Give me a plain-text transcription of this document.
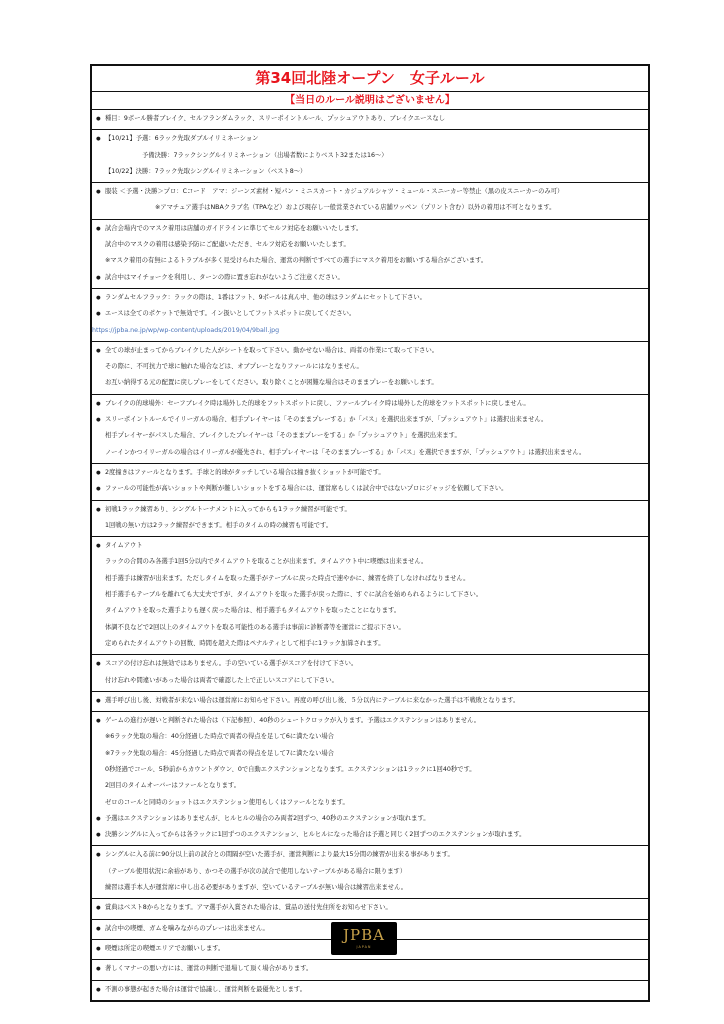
第34回北陸オープン　女子ルール
【当日のルール説明はございません】
● 種目：9ボール勝者ブレイク、セルフランダムラック、スリーポイントルール、プッシュアウトあり、ブレイクエースなし
● 【10/21】予選：6ラック先取ダブルイリミネーション
予備決勝：7ラックシングルイリミネーション（出場者数によりベスト32または16～）
【10/22】決勝：7ラック先取シングルイリミネーション（ベスト8～）
● 服装 ＜予選・決勝＞プロ：Cコード　アマ：ジーンズ素材・短パン・ミニスカート・カジュアルシャツ・ミュール・スニーカー等禁止（黒の皮スニーカーのみ可）
※アマチュア選手はNBAクラブ名（TPAなど）および現存し一般営業されている店舗ワッペン（プリント含む）以外の着用は不可となります。
● 試合会場内でのマスク着用は店舗のガイドラインに準じてセルフ対応をお願いいたします。
試合中のマスクの着用は感染予防にご配慮いただき、セルフ対応をお願いいたします。
※マスク着用の有無によるトラブルが多く見受けられた場合、運営の判断ですべての選手にマスク着用をお願いする場合がございます。
● 試合中はマイチョークを利用し、ターンの際に置き忘れがないようご注意ください。
● ランダムセルフラック：ラックの際は、1番はフット、9ボールは真ん中、他の球はランダムにセットして下さい。
● エースは全てのポケットで無効です。イン扱いとしてフットスポットに戻してください。
https://jpba.ne.jp/wp/wp-content/uploads/2019/04/9ball.jpg
● 全ての球が止まってからブレイクした人がシートを取って下さい。動かせない場合は、両者の作業にて取って下さい。
その際に、不可抗力で球に触れた場合などは、オブプレーとなりファールにはなりません。
お互い納得する元の配置に戻しプレーをしてください。取り除くことが困難な場合はそのままプレーをお願いします。
● ブレイクの的球場外：セーフブレイク時は場外した的球をフットスポットに戻し、ファールブレイク時は場外した的球をフットスポットに戻しません。
● スリーポイントルールでイリーガルの場合、相手プレイヤーは「そのままプレーする」か「パス」を選択出来ますが、「プッシュアウト」は選択出来ません。
相手プレイヤーがパスした場合、ブレイクしたプレイヤーは「そのままプレーをする」か「プッシュアウト」を選択出来ます。
ノーインかつイリーガルの場合はイリーガルが優先され、相手プレイヤーは「そのままプレーする」か「パス」を選択できますが、「プッシュアウト」は選択出来ません。
● 2度撞きはファールとなります。手球と的球がタッチしている場合は撞き抜くショットが可能です。
● ファールの可能性が高いショットや判断が難しいショットをする場合には、運営席もしくは試合中ではないプロにジャッジを依頼して下さい。
● 初戦1ラック練習あり、シングルトーナメントに入ってからも1ラック練習が可能です。
1回戦の無い方は2ラック練習ができます。相手のタイムの時の練習も可能です。
● タイムアウト
ラックの合間のみ各選手1回5分以内でタイムアウトを取ることが出来ます。タイムアウト中に喫煙は出来ません。
相手選手は練習が出来ます。ただしタイムを取った選手がテーブルに戻った時点で速やかに、練習を終了しなければなりません。
相手選手もテーブルを離れても大丈夫ですが、タイムアウトを取った選手が戻った際に、すぐに試合を始められるようにして下さい。
タイムアウトを取った選手よりも遅く戻った場合は、相手選手もタイムアウトを取ったことになります。
体調不良などで2回以上のタイムアウトを取る可能性のある選手は事前に診断書等を運営にご提示下さい。
定められたタイムアウトの回数、時間を超えた際はペナルティとして相手に1ラック加算されます。
● スコアの付け忘れは無効ではありません。手の空いている選手がスコアを付けて下さい。
付け忘れや間違いがあった場合は両者で確認した上で正しいスコアにして下さい。
● 選手呼び出し後、対戦者が来ない場合は運営席にお知らせ下さい。再度の呼び出し後、５分以内にテーブルに来なかった選手は不戦敗となります。
● ゲームの進行が遅いと判断された場合は（下記参照）、40秒のシュートクロックが入ります。予選はエクステンションはありません。
※6ラック先取の場合：40分経過した時点で両者の得点を足して6に満たない場合
※7ラック先取の場合：45分経過した時点で両者の得点を足して7に満たない場合
0秒経過でコール、5秒前からカウントダウン、0で自動エクステンションとなります。エクステンションは1ラックに1回40秒です。
2回目のタイムオーバーはファールとなります。
ゼロのコールと同時のショットはエクステンション使用もしくはファールとなります。
● 予選はエクステンションはありませんが、ヒルヒルの場合のみ両者2回ずつ、40秒のエクステンションが取れます。
● 決勝シングルに入ってからは各ラックに1回ずつのエクステンション、ヒルヒルになった場合は予選と同じく2回ずつのエクステンションが取れます。
● シングルに入る前に90分以上前の試合との間隔が空いた選手が、運営判断により最大15分間の練習が出来る事があります。
（テーブル使用状況に余裕があり、かつその選手が次の試合で使用しないテーブルがある場合に限ります）
練習は選手本人が運営席に申し出る必要がありますが、空いているテーブルが無い場合は練習出来ません。
● 賞典はベスト8からとなります。アマ選手が入賞された場合は、賞品の送付先住所をお知らせ下さい。
● 試合中の喫煙、ガムを噛みながらのプレーは出来ません。
● 喫煙は所定の喫煙エリアでお願いします。
● 著しくマナーの悪い方には、運営の判断で退場して頂く場合があります。
● 不測の事態が起きた場合は運営で協議し、運営判断を最優先とします。
JPBA
JAPAN
